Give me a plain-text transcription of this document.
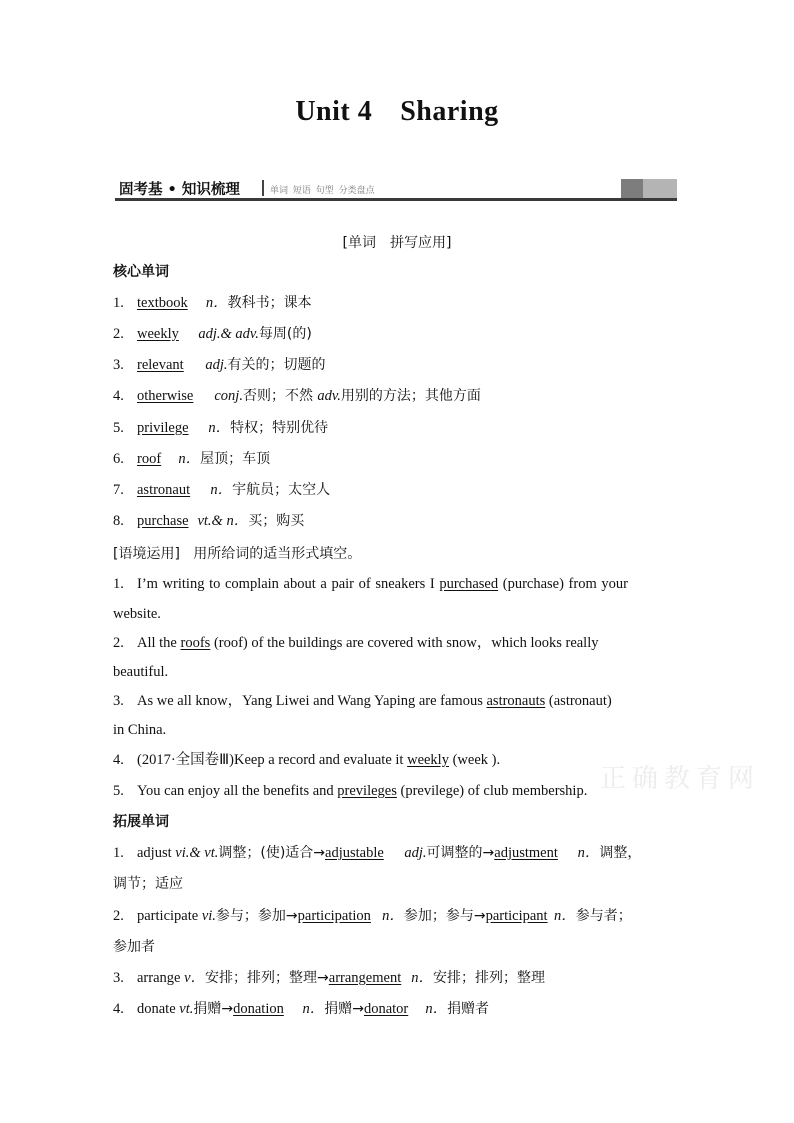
Unit 4 Sharing
固考基 • 知识梳理	单词 短语 句型 分类盘点
[单词　拼写应用]
核心单词
1. textbook n．教科书；课本
2. weekly adj.& adv.每周(的)
3. relevant adj.有关的；切题的
4. otherwise conj.否则；不然 adv.用别的方法；其他方面
5. privilege n．特权；特别优待
6. roof n．屋顶；车顶
7. astronaut n．宇航员；太空人
8. purchase vt.& n．买；购买
[语境运用] 用所给词的适当形式填空。
1. I’m writing to complain about a pair of sneakers I purchased (purchase) from your
website.
2. All the roofs (roof) of the buildings are covered with snow，which looks really
beautiful.
3. As we all know，Yang Liwei and Wang Yaping are famous astronauts (astronaut)
in China.
4. (2017·全国卷Ⅲ)Keep a record and evaluate it weekly (week ).
5. You can enjoy all the benefits and previleges (previlege) of club membership.
拓展单词
1. adjust vi.& vt.调整；(使)适合→adjustable adj.可调整的→adjustment n．调整，
调节；适应
2. participate vi.参与；参加→participation n．参加；参与→participant n．参与者；
参加者
3. arrange v．安排；排列；整理→arrangement n．安排；排列；整理
4. donate vt.捐赠→donation n．捐赠→donator n．捐赠者
正确教育网
